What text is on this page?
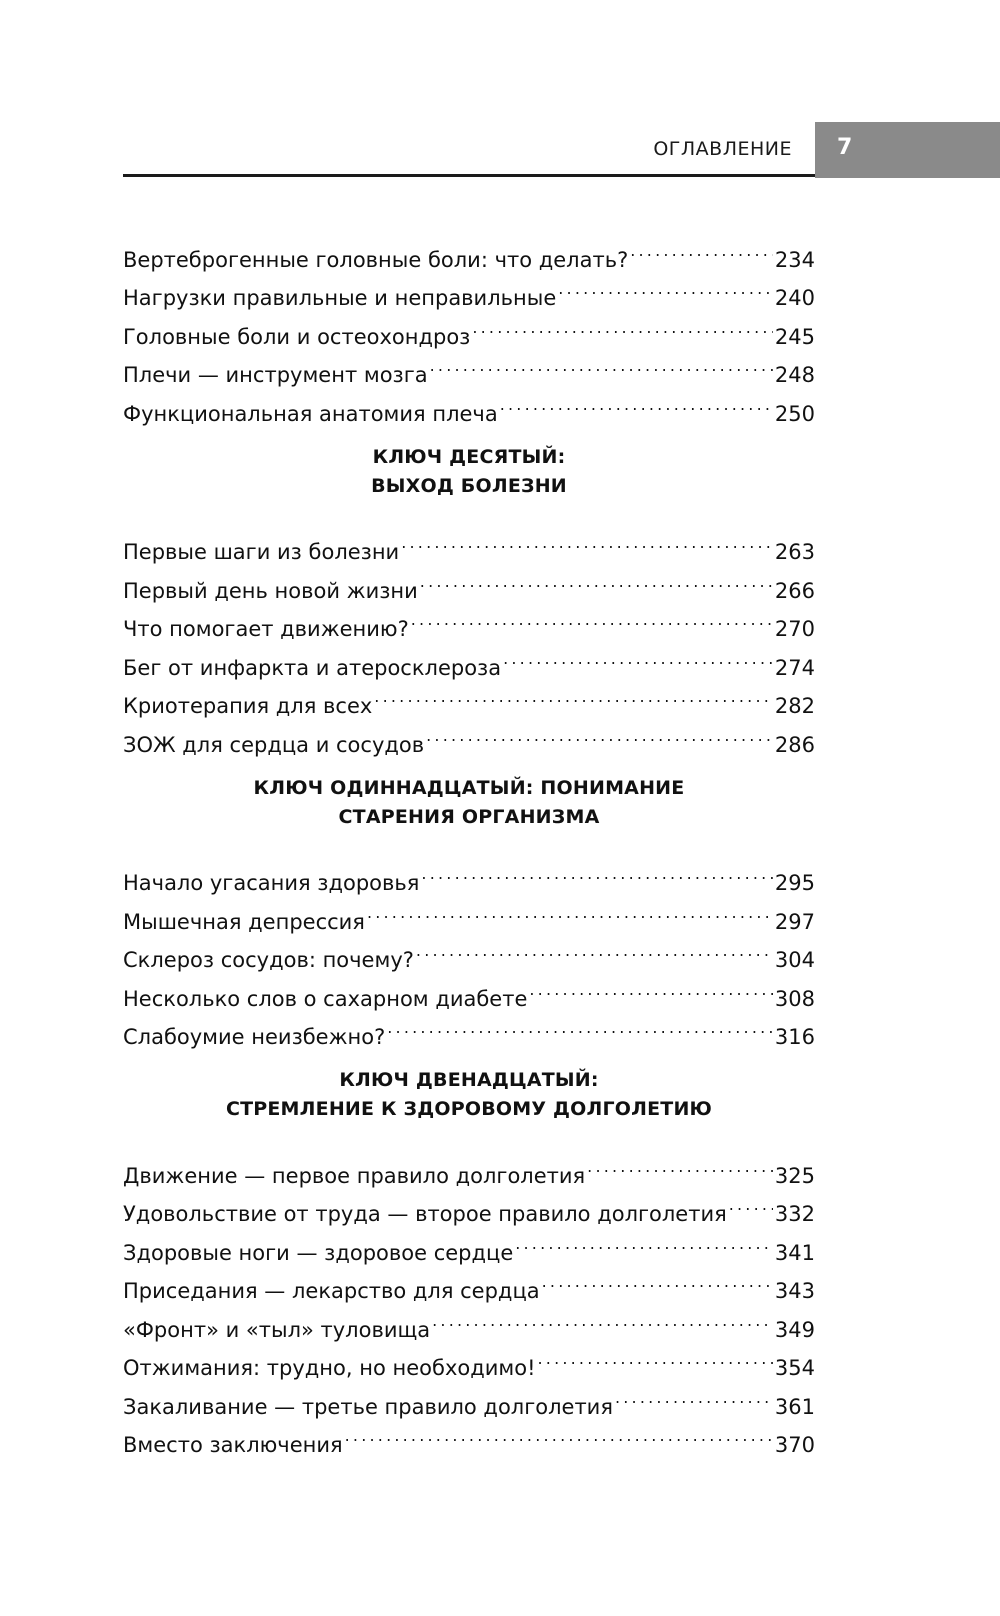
ОГЛАВЛЕНИЕ 7
Вертеброгенные головные боли: что делать? .....	234
Нагрузки правильные и неправильные .....	240
Головные боли и остеохондроз .....	245
Плечи — инструмент мозга .....	248
Функциональная анатомия плеча .....	250
КЛЮЧ ДЕСЯТЫЙ:
ВЫХОД БОЛЕЗНИ
Первые шаги из болезни .....	263
Первый день новой жизни .....	266
Что помогает движению? .....	270
Бег от инфаркта и атеросклероза .....	274
Криотерапия для всех .....	282
ЗОЖ для сердца и сосудов .....	286
КЛЮЧ ОДИННАДЦАТЫЙ: ПОНИМАНИЕ
СТАРЕНИЯ ОРГАНИЗМА
Начало угасания здоровья .....	295
Мышечная депрессия .....	297
Склероз сосудов: почему? .....	304
Несколько слов о сахарном диабете .....	308
Слабоумие неизбежно? .....	316
КЛЮЧ ДВЕНАДЦАТЫЙ:
СТРЕМЛЕНИЕ К ЗДОРОВОМУ ДОЛГОЛЕТИЮ
Движение — первое правило долголетия .....	325
Удовольствие от труда — второе правило долголетия ..... 332
Здоровые ноги — здоровое сердце .....	341
Приседания — лекарство для сердца .....	343
«Фронт» и «тыл» туловища .....	349
Отжимания: трудно, но необходимо! .....	354
Закаливание — третье правило долголетия .....	361
Вместо заключения .....	370
